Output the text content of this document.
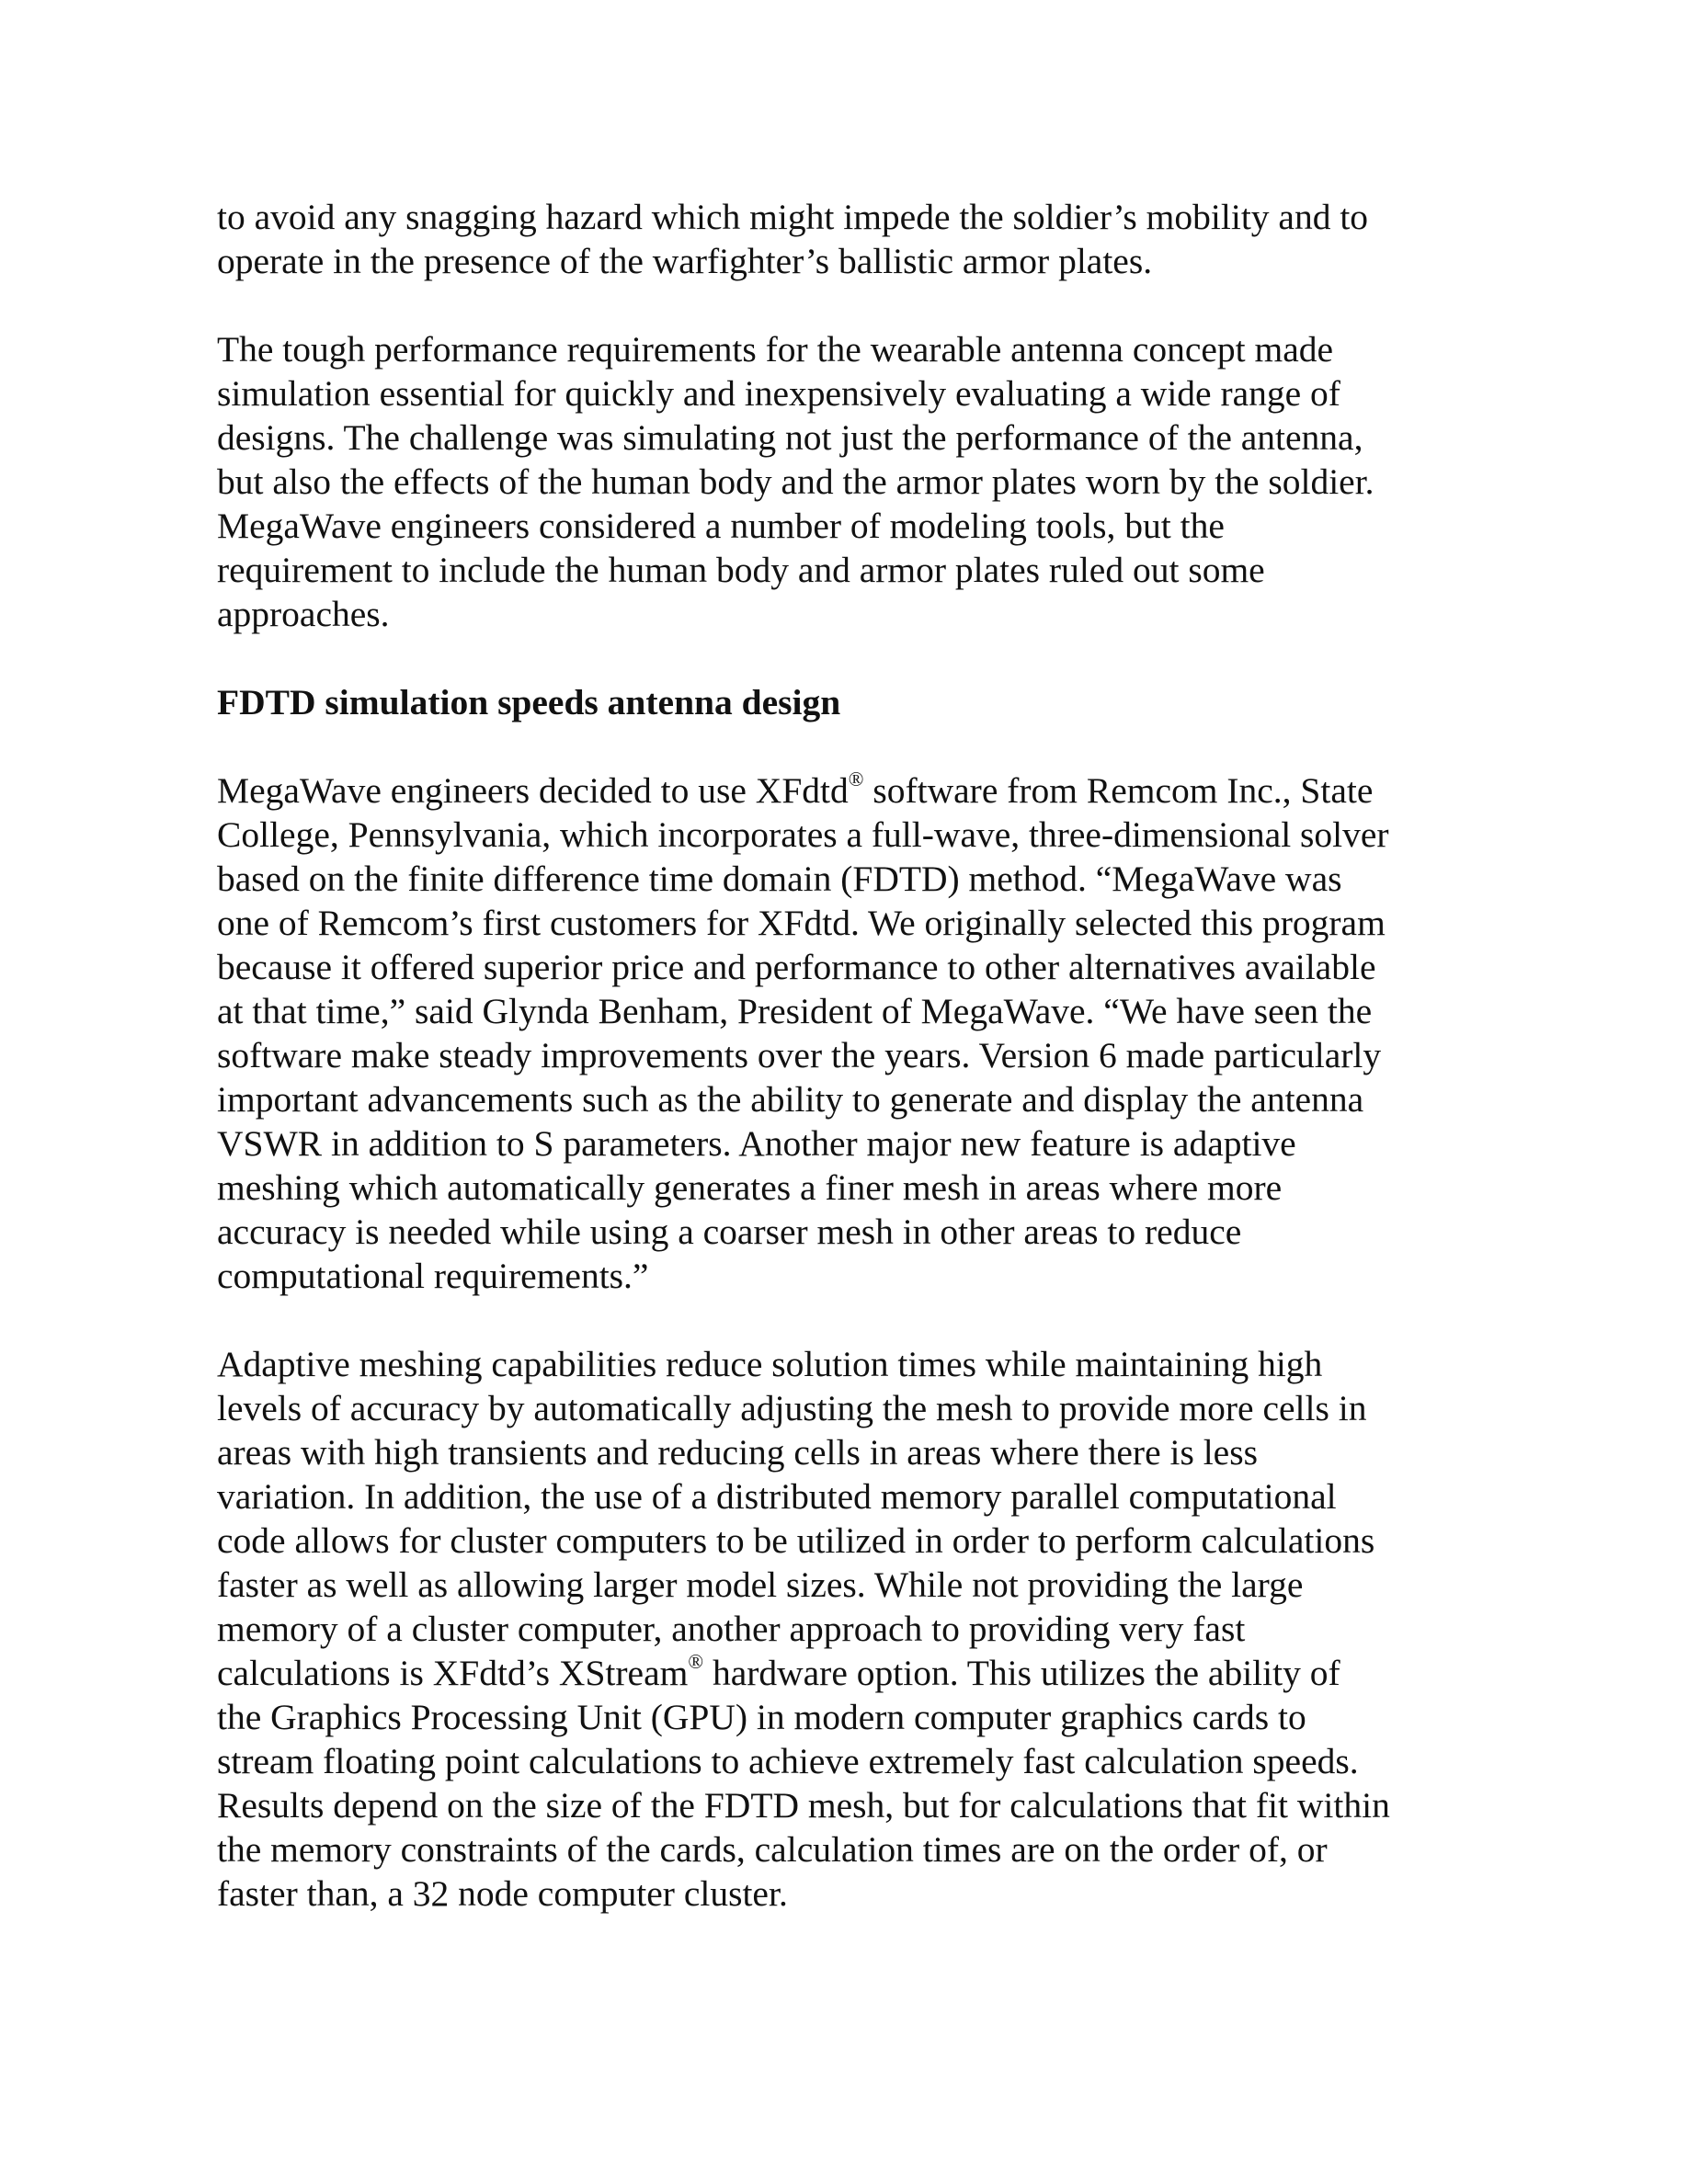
to avoid any snagging hazard which might impede the soldier’s mobility and to
operate in the presence of the warfighter’s ballistic armor plates.

The tough performance requirements for the wearable antenna concept made
simulation essential for quickly and inexpensively evaluating a wide range of
designs. The challenge was simulating not just the performance of the antenna,
but also the effects of the human body and the armor plates worn by the soldier.
MegaWave engineers considered a number of modeling tools, but the
requirement to include the human body and armor plates ruled out some
approaches.

FDTD simulation speeds antenna design

MegaWave engineers decided to use XFdtd® software from Remcom Inc., State
College, Pennsylvania, which incorporates a full-wave, three-dimensional solver
based on the finite difference time domain (FDTD) method. “MegaWave was
one of Remcom’s first customers for XFdtd. We originally selected this program
because it offered superior price and performance to other alternatives available
at that time,” said Glynda Benham, President of MegaWave. “We have seen the
software make steady improvements over the years. Version 6 made particularly
important advancements such as the ability to generate and display the antenna
VSWR in addition to S parameters. Another major new feature is adaptive
meshing which automatically generates a finer mesh in areas where more
accuracy is needed while using a coarser mesh in other areas to reduce
computational requirements.”

Adaptive meshing capabilities reduce solution times while maintaining high
levels of accuracy by automatically adjusting the mesh to provide more cells in
areas with high transients and reducing cells in areas where there is less
variation. In addition, the use of a distributed memory parallel computational
code allows for cluster computers to be utilized in order to perform calculations
faster as well as allowing larger model sizes. While not providing the large
memory of a cluster computer, another approach to providing very fast
calculations is XFdtd’s XStream® hardware option. This utilizes the ability of
the Graphics Processing Unit (GPU) in modern computer graphics cards to
stream floating point calculations to achieve extremely fast calculation speeds.
Results depend on the size of the FDTD mesh, but for calculations that fit within
the memory constraints of the cards, calculation times are on the order of, or
faster than, a 32 node computer cluster.
